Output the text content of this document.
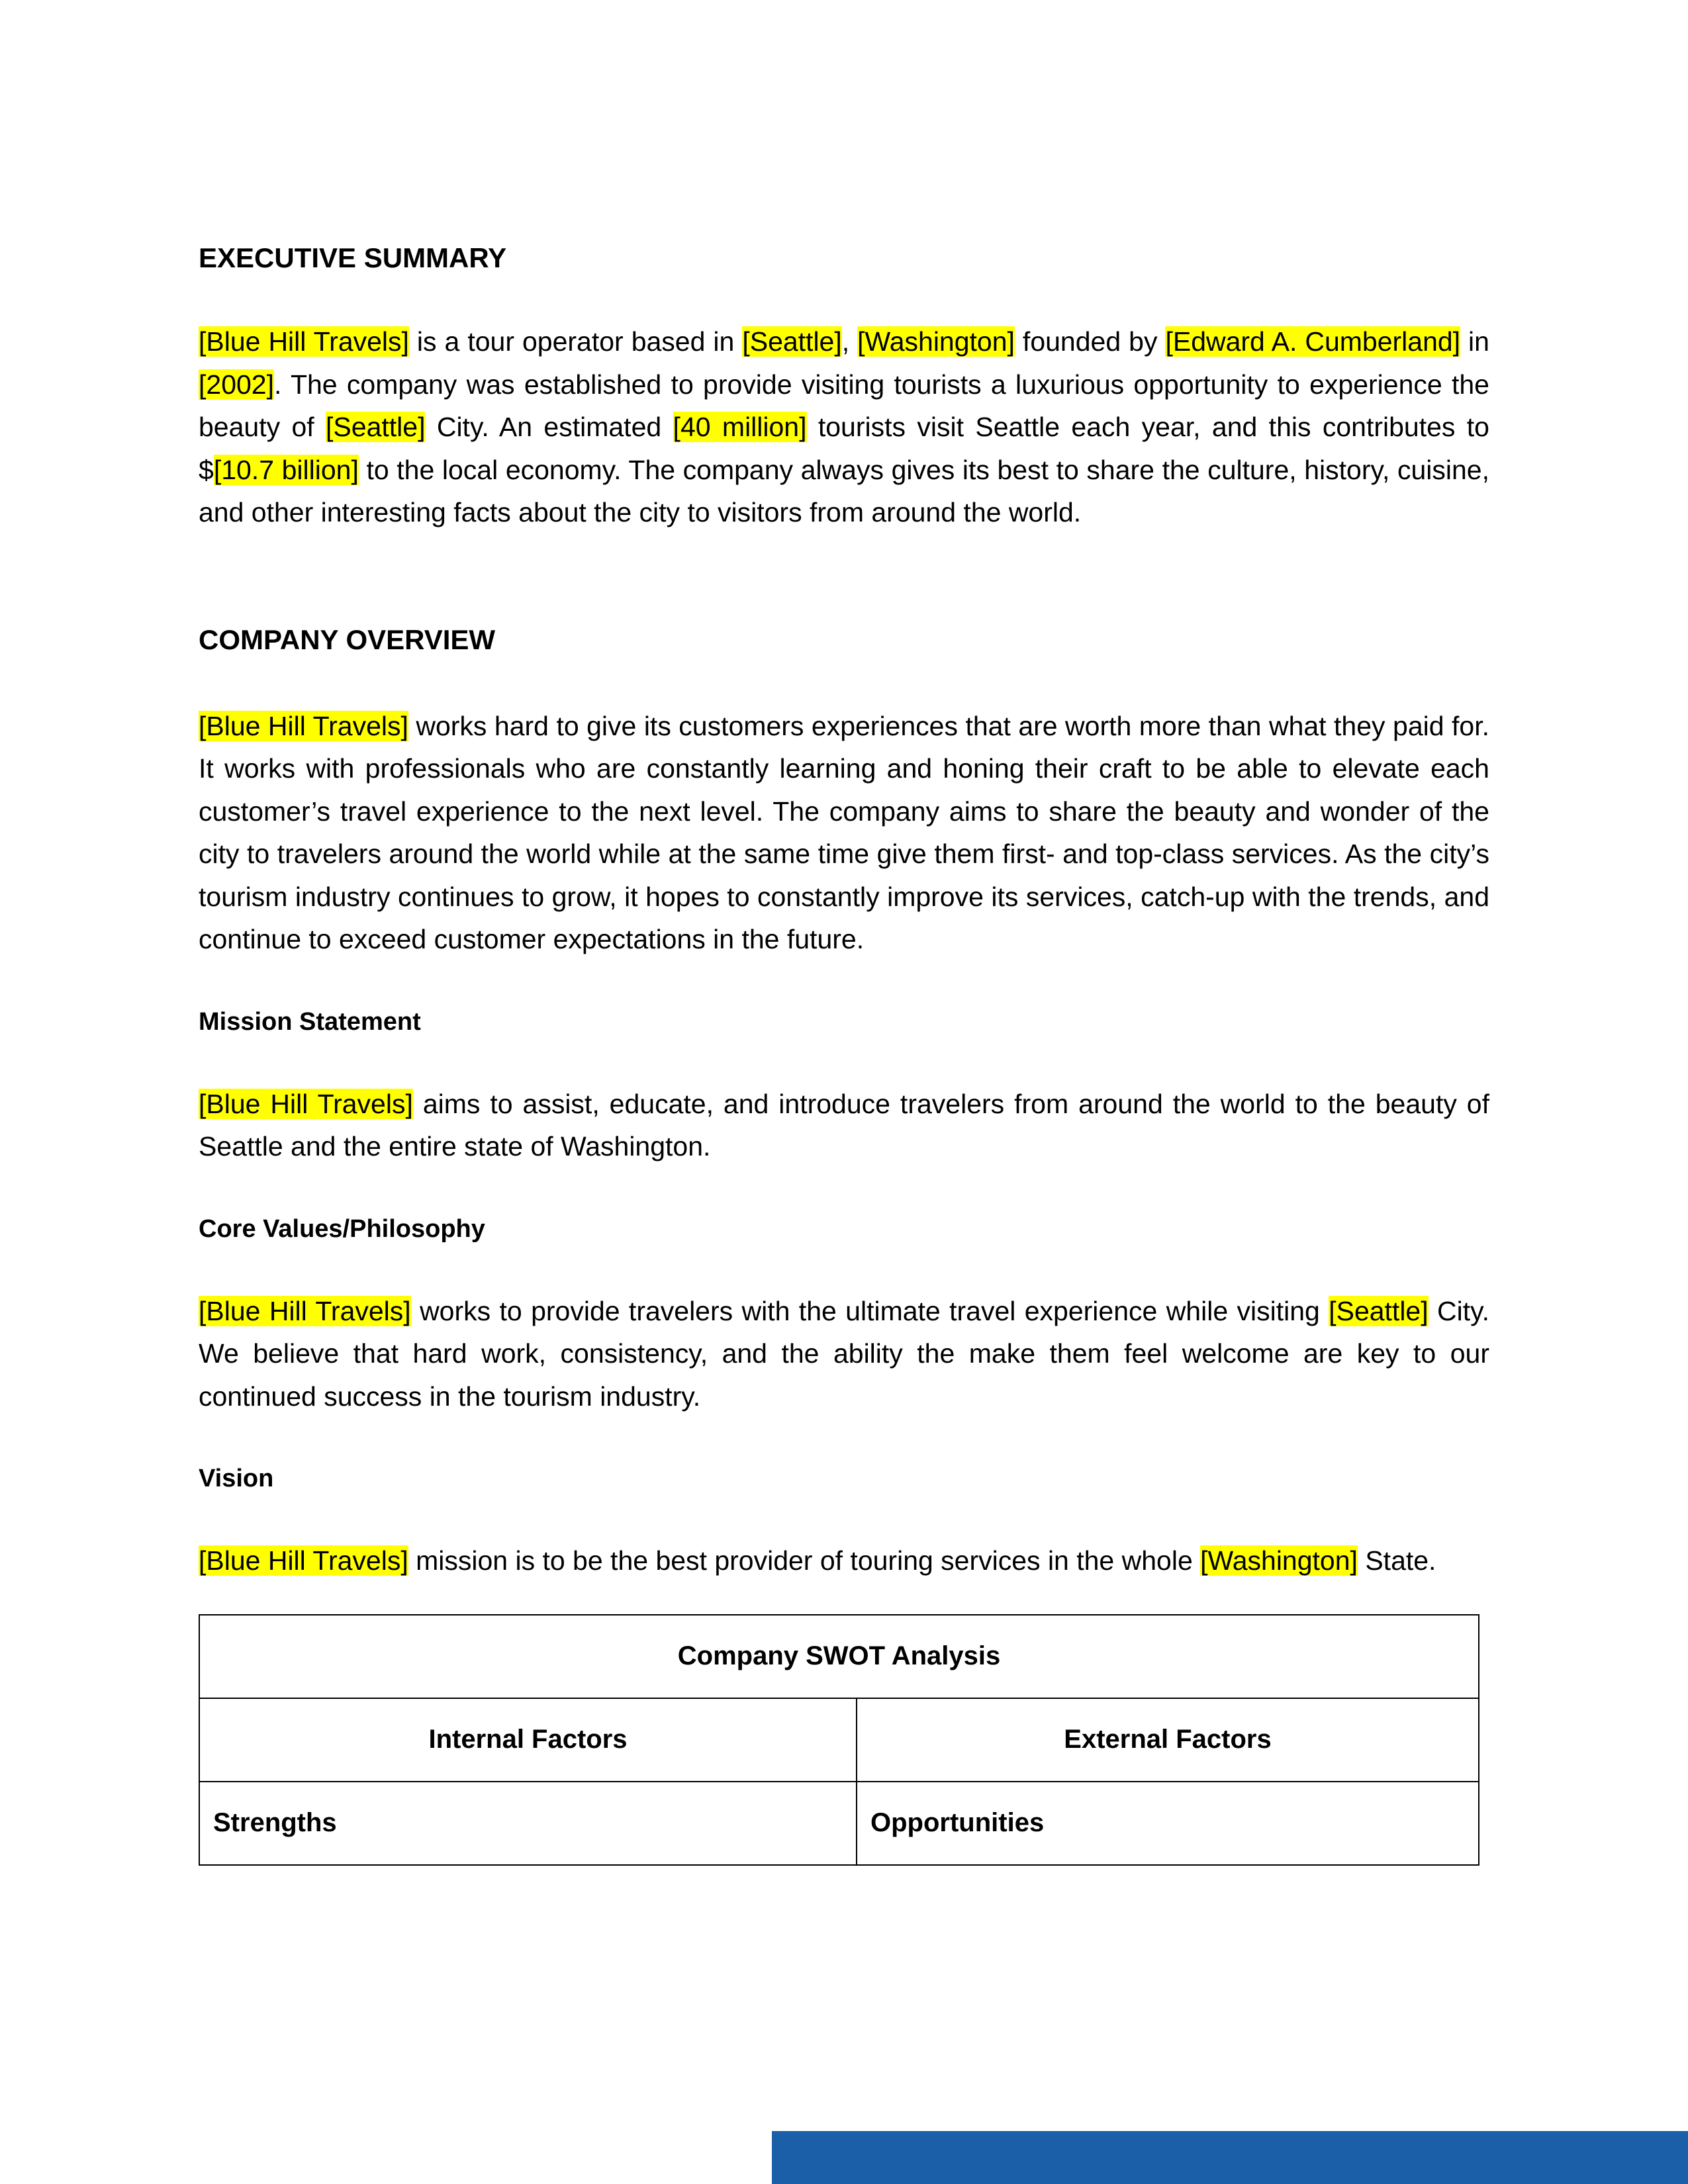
EXECUTIVE SUMMARY

[Blue Hill Travels] is a tour operator based in [Seattle], [Washington] founded by [Edward A. Cumberland] in [2002]. The company was established to provide visiting tourists a luxurious opportunity to experience the beauty of [Seattle] City. An estimated [40 million] tourists visit Seattle each year, and this contributes to $[10.7 billion] to the local economy. The company always gives its best to share the culture, history, cuisine, and other interesting facts about the city to visitors from around the world.

COMPANY OVERVIEW

[Blue Hill Travels] works hard to give its customers experiences that are worth more than what they paid for. It works with professionals who are constantly learning and honing their craft to be able to elevate each customer’s travel experience to the next level. The company aims to share the beauty and wonder of the city to travelers around the world while at the same time give them first- and top-class services. As the city’s tourism industry continues to grow, it hopes to constantly improve its services, catch-up with the trends, and continue to exceed customer expectations in the future.

Mission Statement

[Blue Hill Travels] aims to assist, educate, and introduce travelers from around the world to the beauty of Seattle and the entire state of Washington.

Core Values/Philosophy

[Blue Hill Travels] works to provide travelers with the ultimate travel experience while visiting [Seattle] City. We believe that hard work, consistency, and the ability the make them feel welcome are key to our continued success in the tourism industry.

Vision

[Blue Hill Travels] mission is to be the best provider of touring services in the whole [Washington] State.

Company SWOT Analysis	
Internal Factors	External Factors
Strengths	Opportunities
